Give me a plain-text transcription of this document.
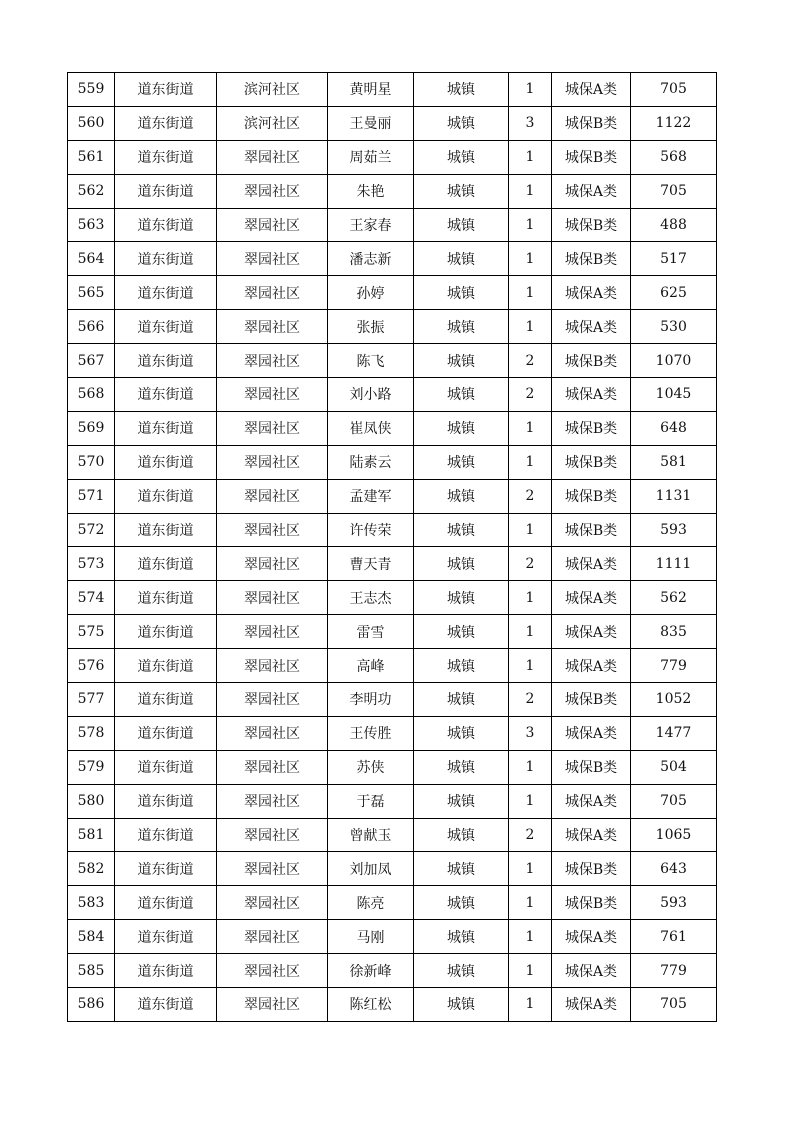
559	道东街道	滨河社区	黄明星	城镇	1	城保A类	705
560	道东街道	滨河社区	王曼丽	城镇	3	城保B类	1122
561	道东街道	翠园社区	周茹兰	城镇	1	城保B类	568
562	道东街道	翠园社区	朱艳	城镇	1	城保A类	705
563	道东街道	翠园社区	王家春	城镇	1	城保B类	488
564	道东街道	翠园社区	潘志新	城镇	1	城保B类	517
565	道东街道	翠园社区	孙婷	城镇	1	城保A类	625
566	道东街道	翠园社区	张振	城镇	1	城保A类	530
567	道东街道	翠园社区	陈飞	城镇	2	城保B类	1070
568	道东街道	翠园社区	刘小路	城镇	2	城保A类	1045
569	道东街道	翠园社区	崔凤侠	城镇	1	城保B类	648
570	道东街道	翠园社区	陆素云	城镇	1	城保B类	581
571	道东街道	翠园社区	孟建军	城镇	2	城保B类	1131
572	道东街道	翠园社区	许传荣	城镇	1	城保B类	593
573	道东街道	翠园社区	曹天青	城镇	2	城保A类	1111
574	道东街道	翠园社区	王志杰	城镇	1	城保A类	562
575	道东街道	翠园社区	雷雪	城镇	1	城保A类	835
576	道东街道	翠园社区	高峰	城镇	1	城保A类	779
577	道东街道	翠园社区	李明功	城镇	2	城保B类	1052
578	道东街道	翠园社区	王传胜	城镇	3	城保A类	1477
579	道东街道	翠园社区	苏侠	城镇	1	城保B类	504
580	道东街道	翠园社区	于磊	城镇	1	城保A类	705
581	道东街道	翠园社区	曾献玉	城镇	2	城保A类	1065
582	道东街道	翠园社区	刘加凤	城镇	1	城保B类	643
583	道东街道	翠园社区	陈亮	城镇	1	城保B类	593
584	道东街道	翠园社区	马刚	城镇	1	城保A类	761
585	道东街道	翠园社区	徐新峰	城镇	1	城保A类	779
586	道东街道	翠园社区	陈红松	城镇	1	城保A类	705
